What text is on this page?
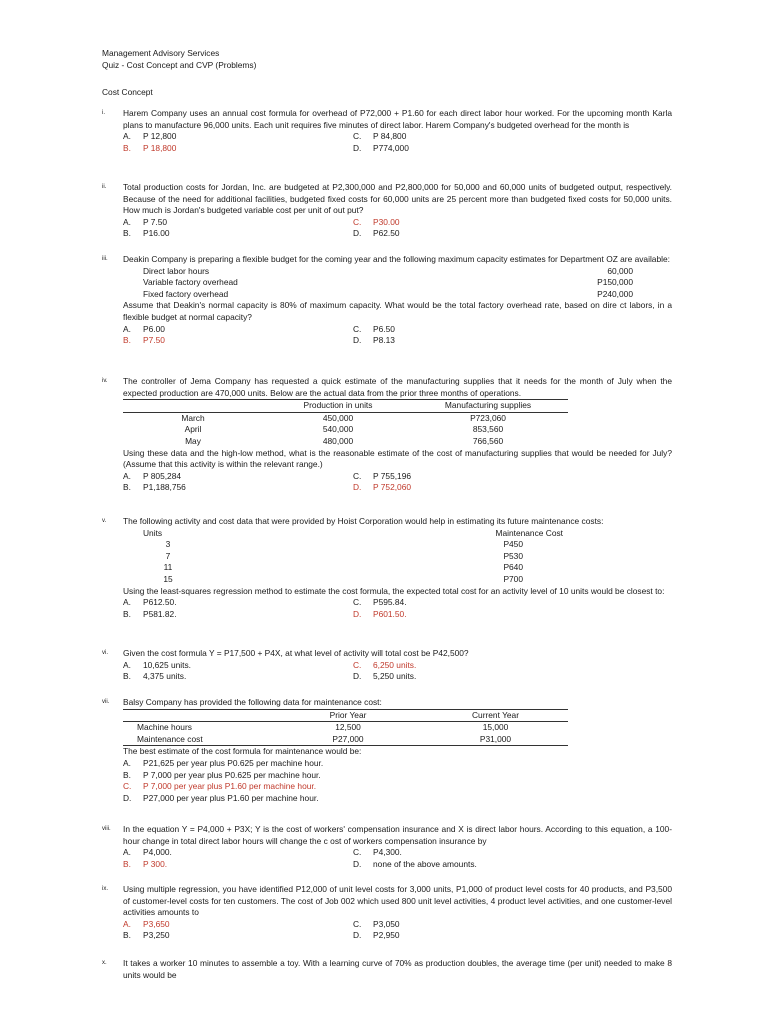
Management Advisory Services
Quiz - Cost Concept and CVP (Problems)
Cost Concept
i. Harem Company uses an annual cost formula for overhead of P72,000 + P1.60 for each direct labor hour worked. For the upcoming month Karla plans to manufacture 96,000 units. Each unit requires five minutes of direct labor. Harem Company's budgeted overhead for the month is
A.	P 12,800	C.	P 84,800
B.	P 18,800	D.	P774,000
ii. Total production costs for Jordan, Inc. are budgeted at P2,300,000 and P2,800,000 for 50,000 and 60,000 units of budgeted output, respectively. Because of the need for additional facilities, budgeted fixed costs for 60,000 units are 25 percent more than budgeted fixed costs for 50,000 units. How much is Jordan's budgeted variable cost per unit of out put?
A.	P 7.50	C.	P30.00
B.	P16.00	D.	P62.50
iii. Deakin Company is preparing a flexible budget for the coming year and the following maximum capacity estimates for Department OZ are available:
Direct labor hours	60,000
Variable factory overhead	P150,000
Fixed factory overhead	P240,000
Assume that Deakin's normal capacity is 80% of maximum capacity. What would be the total factory overhead rate, based on dire ct labors, in a flexible budget at normal capacity?
A.	P6.00	C.	P6.50
B.	P7.50	D.	P8.13
iv. The controller of Jema Company has requested a quick estimate of the manufacturing supplies that it needs for the month of July when the expected production are 470,000 units. Below are the actual data from the prior three months of operations.
Production in units	Manufacturing supplies
March	450,000	P723,060
April	540,000	853,560
May	480,000	766,560
Using these data and the high-low method, what is the reasonable estimate of the cost of manufacturing supplies that would be needed for July? (Assume that this activity is within the relevant range.)
A.	P 805,284	C.	P 755,196
B.	P1,188,756	D.	P 752,060
v. The following activity and cost data that were provided by Hoist Corporation would help in estimating its future maintenance costs:
Units	Maintenance Cost
3	P450
7	P530
11	P640
15	P700
Using the least-squares regression method to estimate the cost formula, the expected total cost for an activity level of 10 units would be closest to:
A.	P612.50.	C.	P595.84.
B.	P581.82.	D.	P601.50.
vi. Given the cost formula Y = P17,500 + P4X, at what level of activity will total cost be P42,500?
A.	10,625 units.	C.	6,250 units.
B.	4,375 units.	D.	5,250 units.
vii. Balsy Company has provided the following data for maintenance cost:
Prior Year	Current Year
Machine hours	12,500	15,000
Maintenance cost	P27,000	P31,000
The best estimate of the cost formula for maintenance would be:
A.	P21,625 per year plus P0.625 per machine hour.
B.	P 7,000 per year plus P0.625 per machine hour.
C.	P 7,000 per year plus P1.60 per machine hour.
D.	P27,000 per year plus P1.60 per machine hour.
viii. In the equation Y = P4,000 + P3X; Y is the cost of workers' compensation insurance and X is direct labor hours. According to this equation, a 100-hour change in total direct labor hours will change the c ost of workers compensation insurance by
A.	P4,000.	C.	P4,300.
B.	P 300.	D.	none of the above amounts.
ix. Using multiple regression, you have identified P12,000 of unit level costs for 3,000 units, P1,000 of product level costs for 40 products, and P3,500 of customer-level costs for ten customers. The cost of Job 002 which used 800 unit level activities, 4 product level activities, and one customer-level activities amounts to
A.	P3,650	C.	P3,050
B.	P3,250	D.	P2,950
x. It takes a worker 10 minutes to assemble a toy. With a learning curve of 70% as production doubles, the average time (per unit) needed to make 8 units would be
